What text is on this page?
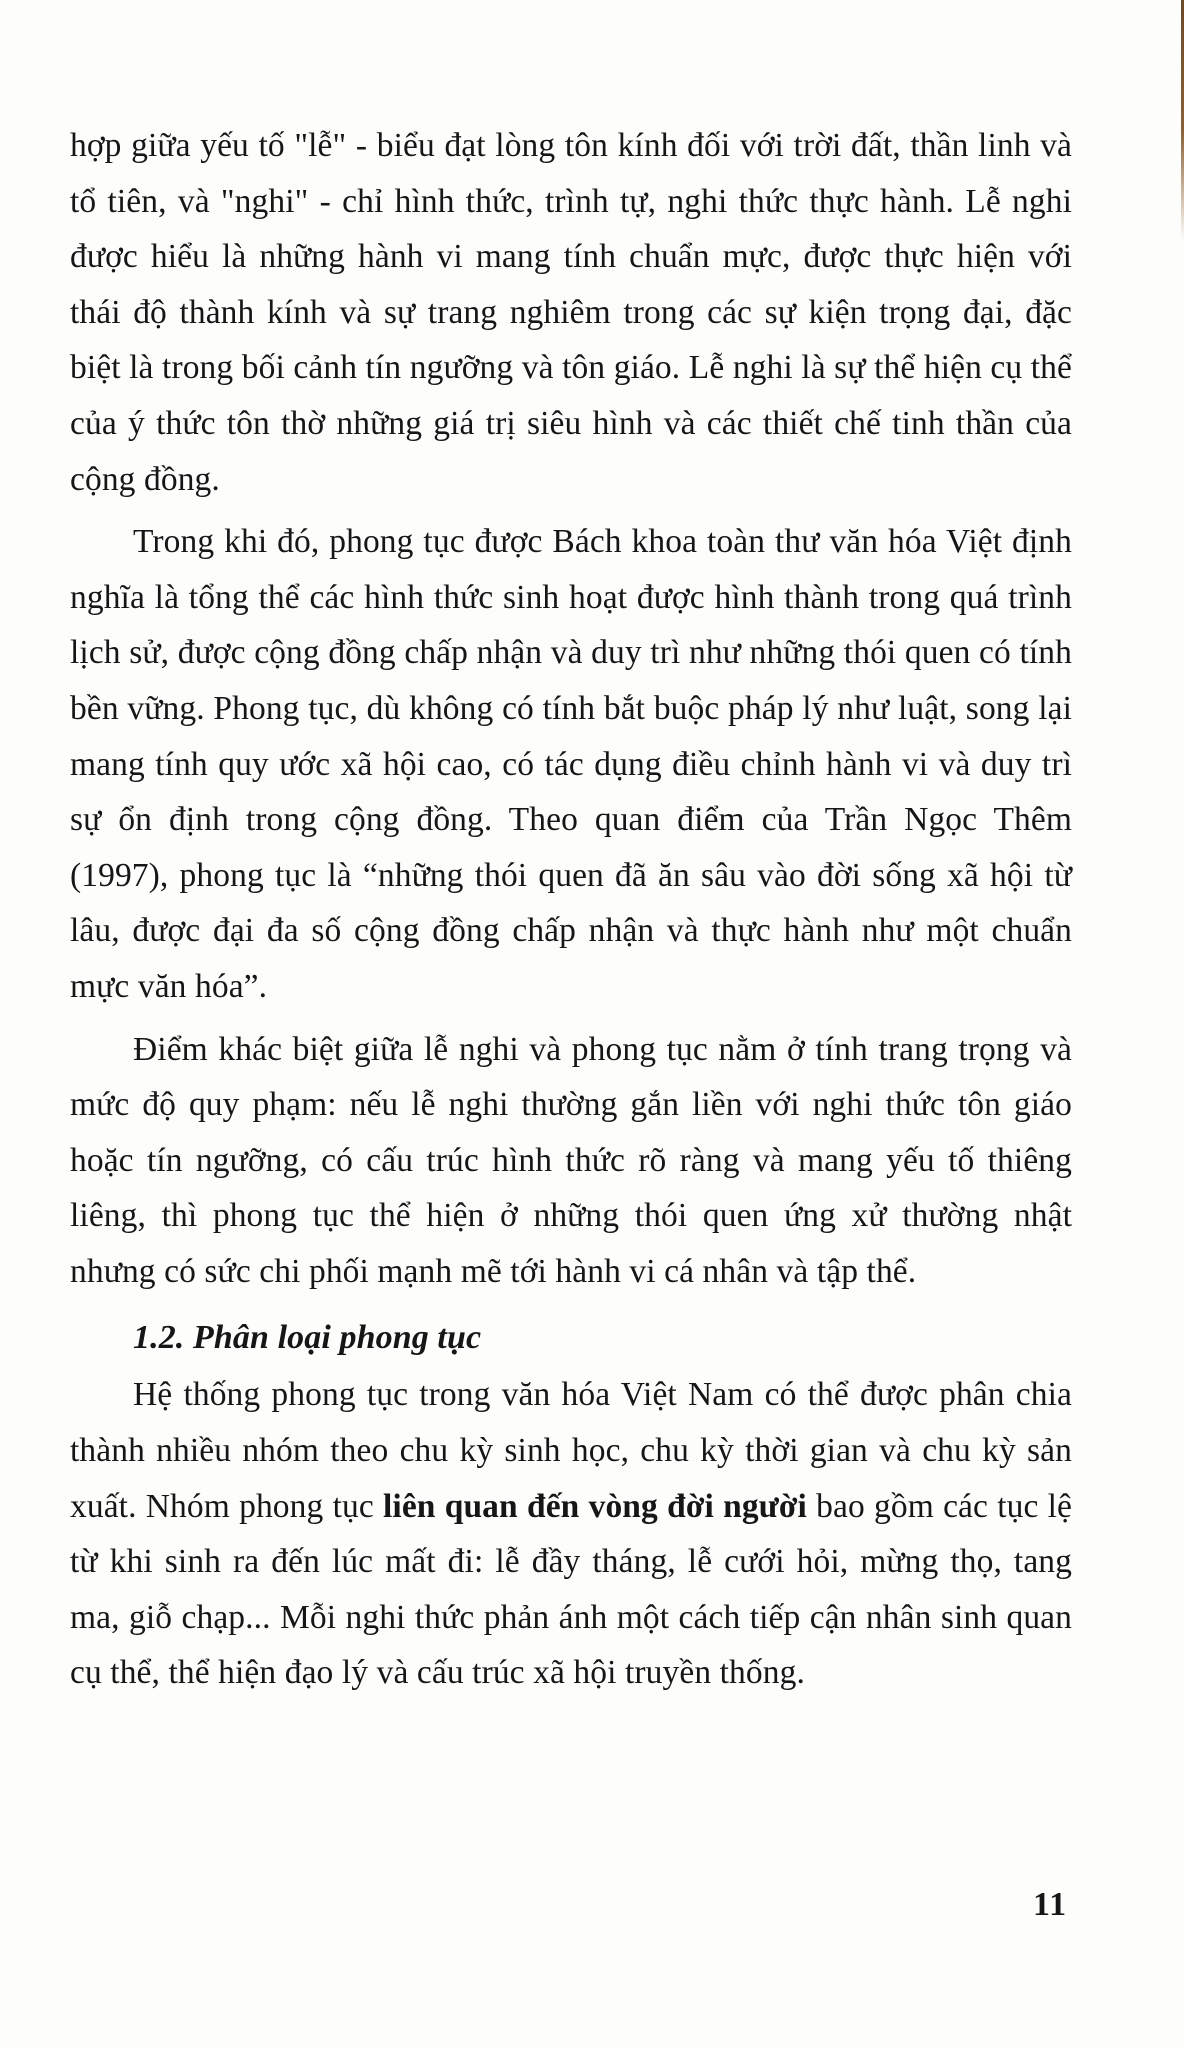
hợp giữa yếu tố "lễ" - biểu đạt lòng tôn kính đối với trời đất, thần linh và tổ tiên, và "nghi" - chỉ hình thức, trình tự, nghi thức thực hành. Lễ nghi được hiểu là những hành vi mang tính chuẩn mực, được thực hiện với thái độ thành kính và sự trang nghiêm trong các sự kiện trọng đại, đặc biệt là trong bối cảnh tín ngưỡng và tôn giáo. Lễ nghi là sự thể hiện cụ thể của ý thức tôn thờ những giá trị siêu hình và các thiết chế tinh thần của cộng đồng.

Trong khi đó, phong tục được Bách khoa toàn thư văn hóa Việt định nghĩa là tổng thể các hình thức sinh hoạt được hình thành trong quá trình lịch sử, được cộng đồng chấp nhận và duy trì như những thói quen có tính bền vững. Phong tục, dù không có tính bắt buộc pháp lý như luật, song lại mang tính quy ước xã hội cao, có tác dụng điều chỉnh hành vi và duy trì sự ổn định trong cộng đồng. Theo quan điểm của Trần Ngọc Thêm (1997), phong tục là “những thói quen đã ăn sâu vào đời sống xã hội từ lâu, được đại đa số cộng đồng chấp nhận và thực hành như một chuẩn mực văn hóa”.

Điểm khác biệt giữa lễ nghi và phong tục nằm ở tính trang trọng và mức độ quy phạm: nếu lễ nghi thường gắn liền với nghi thức tôn giáo hoặc tín ngưỡng, có cấu trúc hình thức rõ ràng và mang yếu tố thiêng liêng, thì phong tục thể hiện ở những thói quen ứng xử thường nhật nhưng có sức chi phối mạnh mẽ tới hành vi cá nhân và tập thể.

1.2. Phân loại phong tục

Hệ thống phong tục trong văn hóa Việt Nam có thể được phân chia thành nhiều nhóm theo chu kỳ sinh học, chu kỳ thời gian và chu kỳ sản xuất. Nhóm phong tục liên quan đến vòng đời người bao gồm các tục lệ từ khi sinh ra đến lúc mất đi: lễ đầy tháng, lễ cưới hỏi, mừng thọ, tang ma, giỗ chạp... Mỗi nghi thức phản ánh một cách tiếp cận nhân sinh quan cụ thể, thể hiện đạo lý và cấu trúc xã hội truyền thống.

11
